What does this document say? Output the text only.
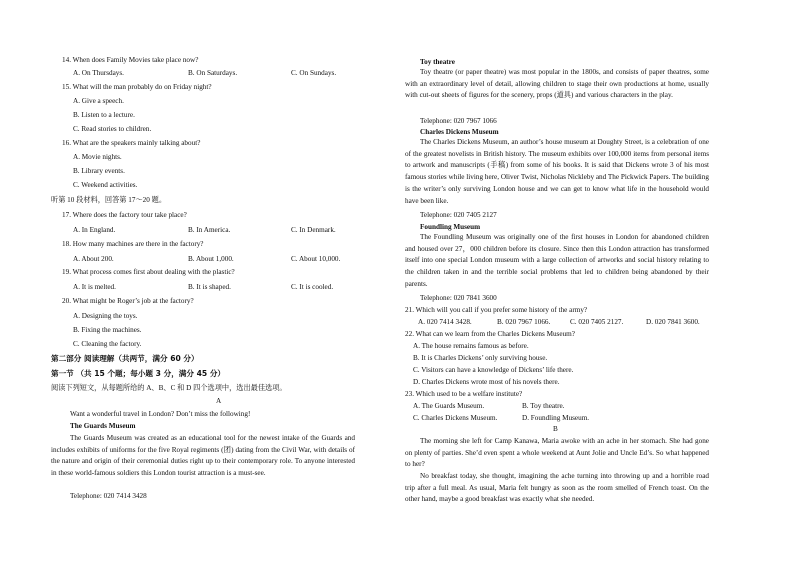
14. When does Family Movies take place now?
A. On Thursdays.	B. On Saturdays.	C. On Sundays.
15. What will the man probably do on Friday night?
A. Give a speech.
B. Listen to a lecture.
C. Read stories to children.
16. What are the speakers mainly talking about?
A. Movie nights.
B. Library events.
C. Weekend activities.
听第 10 段材料，回答第 17～20 题。
17. Where does the factory tour take place?
A. In England.	B. In America.	C. In Denmark.
18. How many machines are there in the factory?
A. About 200.	B. About 1,000.	C. About 10,000.
19. What process comes first about dealing with the plastic?
A. It is melted.	B. It is shaped.	C. It is cooled.
20. What might be Roger’s job at the factory?
A. Designing the toys.
B. Fixing the machines.
C. Cleaning the factory.
第二部分 阅读理解（共两节，满分 60 分）
第一节 （共 15 个题；每小题 3 分，满分 45 分）
阅读下列短文，从每题所给的 A、B、C 和 D 四个选项中，选出最佳选项。
A
Want a wonderful travel in London? Don’t miss the following!
The Guards Museum
The Guards Museum was created as an educational tool for the newest intake of the Guards and includes exhibits of uniforms for the five Royal regiments (团) dating from the Civil War, with details of the nature and origin of their ceremonial duties right up to their contemporary role. To anyone interested in these world-famous soldiers this London tourist attraction is a must-see.
Telephone: 020 7414 3428
Toy theatre
Toy theatre (or paper theatre) was most popular in the 1800s, and consists of paper theatres, some with an extraordinary level of detail, allowing children to stage their own productions at home, usually with cut-out sheets of figures for the scenery, props (道具) and various characters in the play.
Telephone: 020 7967 1066
Charles Dickens Museum
The Charles Dickens Museum, an author’s house museum at Doughty Street, is a celebration of one of the greatest novelists in British history. The museum exhibits over 100,000 items from personal items to artwork and manuscripts (手稿) from some of his books. It is said that Dickens wrote 3 of his most famous stories while living here, Oliver Twist, Nicholas Nickleby and The Pickwick Papers. The building is the writer’s only surviving London house and we can get to know what life in the household would have been like.
Telephone: 020 7405 2127
Foundling Museum
The Foundling Museum was originally one of the first houses in London for abandoned children and housed over 27，000 children before its closure. Since then this London attraction has transformed itself into one special London museum with a large collection of artworks and social history relating to the children taken in and the terrible social problems that led to children being abandoned by their parents.
Telephone: 020 7841 3600
21. Which will you call if you prefer some history of the army?
A. 020 7414 3428.	B. 020 7967 1066.	C. 020 7405 2127.	D. 020 7841 3600.
22. What can we learn from the Charles Dickens Museum?
A. The house remains famous as before.
B. It is Charles Dickens’ only surviving house.
C. Visitors can have a knowledge of Dickens’ life there.
D. Charles Dickens wrote most of his novels there.
23. Which used to be a welfare institute?
A. The Guards Museum.	B. Toy theatre.
C. Charles Dickens Museum.	D. Foundling Museum.
B
The morning she left for Camp Kanawa, Maria awoke with an ache in her stomach. She had gone on plenty of parties. She’d even spent a whole weekend at Aunt Jolie and Uncle Ed’s. So what happened to her?
No breakfast today, she thought, imagining the ache turning into throwing up and a horrible road trip after a full meal. As usual, Maria felt hungry as soon as the room smelled of French toast. On the other hand, maybe a good breakfast was exactly what she needed.
